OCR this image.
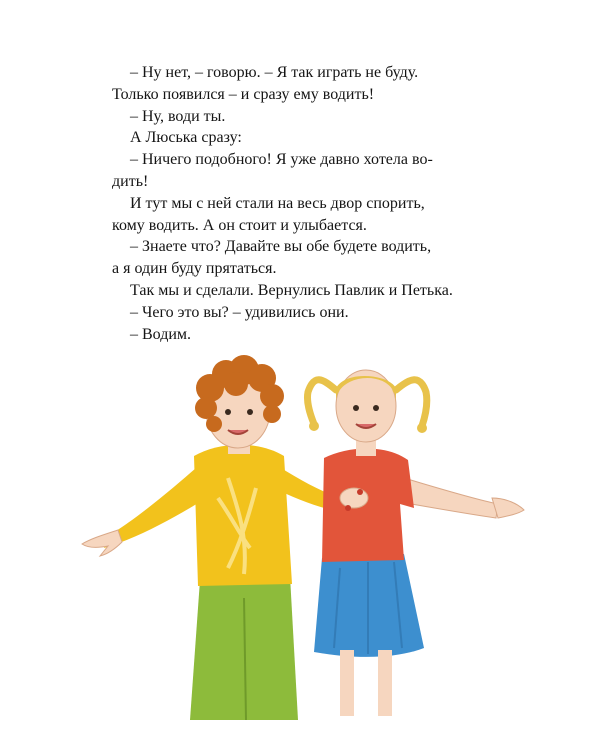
– Ну нет, – говорю. – Я так играть не буду.

Только появился – и сразу ему водить!

– Ну, води ты.

А Люська сразу:

– Ничего подобного! Я уже давно хотела во-

дить!

И тут мы с ней стали на весь двор спорить,

кому водить. А он стоит и улыбается.

– Знаете что? Давайте вы обе будете водить,

а я один буду прятаться.

Так мы и сделали. Вернулись Павлик и Петька.

– Чего это вы? – удивились они.

– Водим.
